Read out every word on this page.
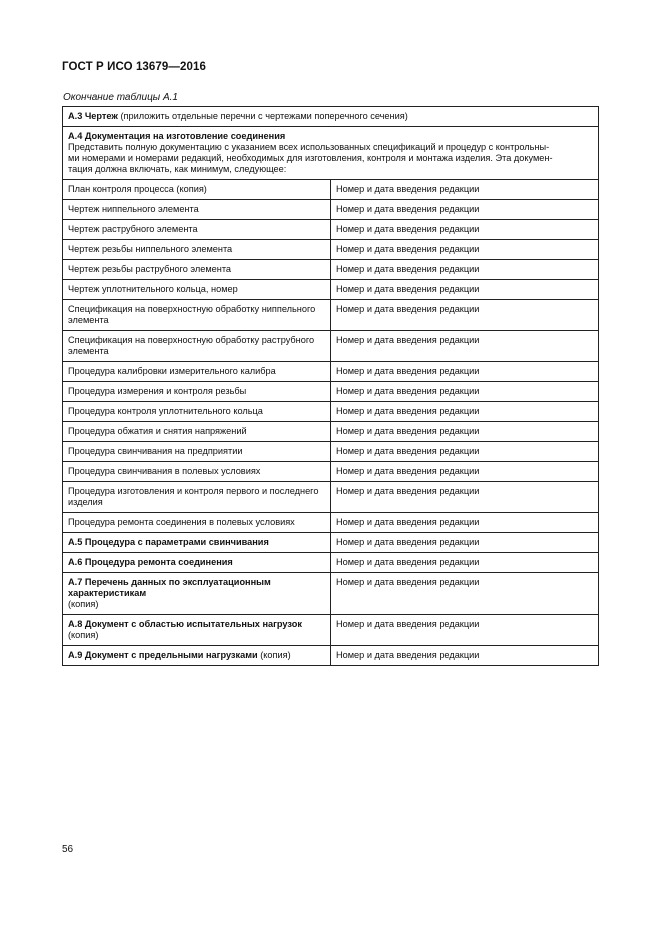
ГОСТ Р ИСО 13679—2016
Окончание таблицы А.1
А.3 Чертеж (приложить отдельные перечни с чертежами поперечного сечения)	

А.4 Документация на изготовление соединения
Представить полную документацию с указанием всех использованных спецификаций и процедур с контрольны-
ми номерами и номерами редакций, необходимых для изготовления, контроля и монтажа изделия. Эта докумен-
тация должна включать, как минимум, следующее:	

План контроля процесса (копия)	Номер и дата введения редакции
Чертеж ниппельного элемента	Номер и дата введения редакции
Чертеж раструбного элемента	Номер и дата введения редакции
Чертеж резьбы ниппельного элемента	Номер и дата введения редакции
Чертеж резьбы раструбного элемента	Номер и дата введения редакции
Чертеж уплотнительного кольца, номер	Номер и дата введения редакции
Спецификация на поверхностную обработку ниппельного элемента	Номер и дата введения редакции
Спецификация на поверхностную обработку раструбного элемента	Номер и дата введения редакции
Процедура калибровки измерительного калибра	Номер и дата введения редакции
Процедура измерения и контроля резьбы	Номер и дата введения редакции
Процедура контроля уплотнительного кольца	Номер и дата введения редакции
Процедура обжатия и снятия напряжений	Номер и дата введения редакции
Процедура свинчивания на предприятии	Номер и дата введения редакции
Процедура свинчивания в полевых условиях	Номер и дата введения редакции
Процедура изготовления и контроля первого и последнего изделия	Номер и дата введения редакции
Процедура ремонта соединения в полевых условиях	Номер и дата введения редакции
А.5 Процедура с параметрами свинчивания	Номер и дата введения редакции
А.6 Процедура ремонта соединения	Номер и дата введения редакции
А.7 Перечень данных по эксплуатационным характеристикам
(копия)	Номер и дата введения редакции
А.8 Документ с областью испытательных нагрузок (копия)	Номер и дата введения редакции
А.9 Документ с предельными нагрузками (копия)	Номер и дата введения редакции
56
